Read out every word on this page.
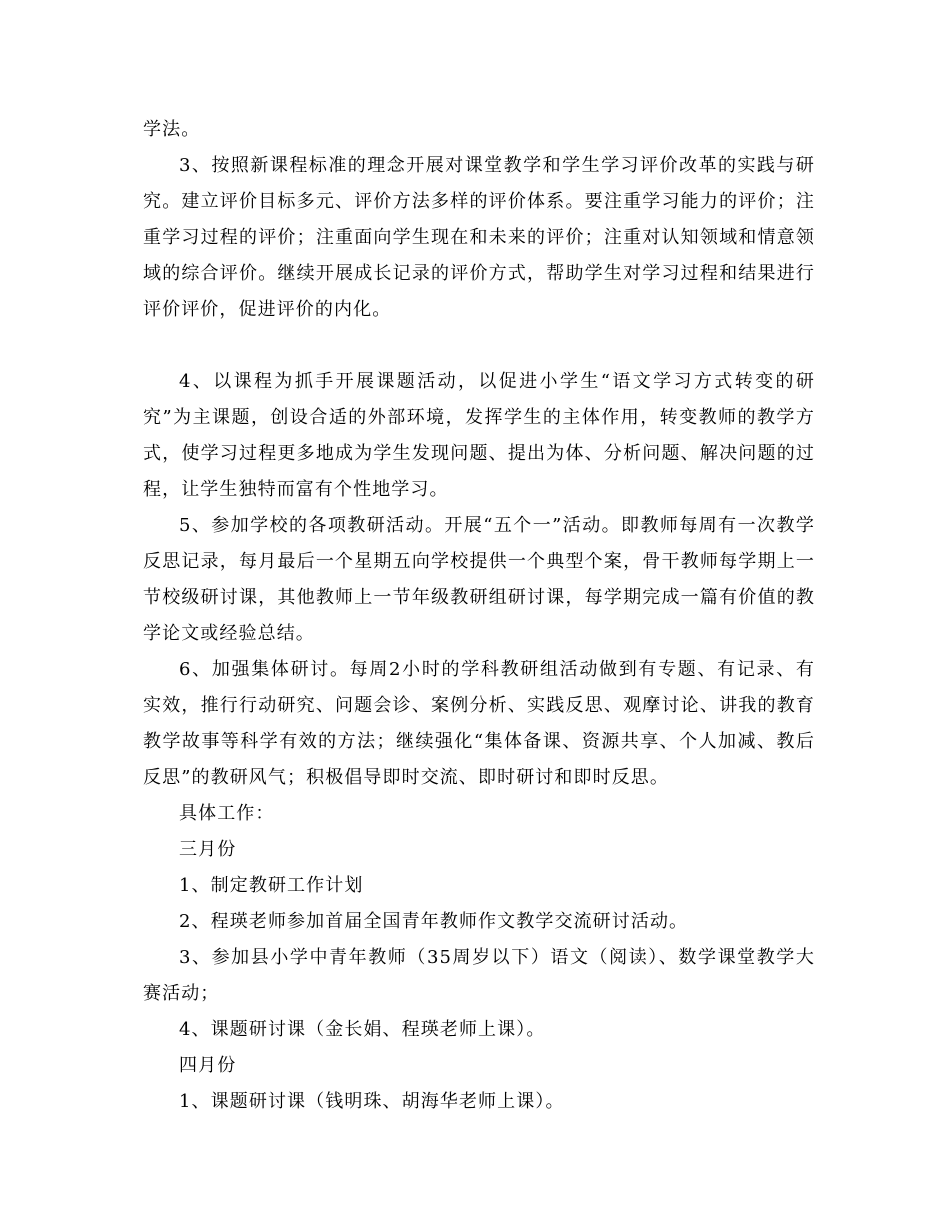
学法。

3、按照新课程标准的理念开展对课堂教学和学生学习评价改革的实践与研究。建立评价目标多元、评价方法多样的评价体系。要注重学习能力的评价；注重学习过程的评价；注重面向学生现在和未来的评价；注重对认知领域和情意领域的综合评价。继续开展成长记录的评价方式，帮助学生对学习过程和结果进行评价评价，促进评价的内化。

4、以课程为抓手开展课题活动，以促进小学生“语文学习方式转变的研究”为主课题，创设合适的外部环境，发挥学生的主体作用，转变教师的教学方式，使学习过程更多地成为学生发现问题、提出为体、分析问题、解决问题的过程，让学生独特而富有个性地学习。

5、参加学校的各项教研活动。开展“五个一”活动。即教师每周有一次教学反思记录，每月最后一个星期五向学校提供一个典型个案，骨干教师每学期上一节校级研讨课，其他教师上一节年级教研组研讨课，每学期完成一篇有价值的教学论文或经验总结。

6、加强集体研讨。每周2小时的学科教研组活动做到有专题、有记录、有实效，推行行动研究、问题会诊、案例分析、实践反思、观摩讨论、讲我的教育教学故事等科学有效的方法；继续强化“集体备课、资源共享、个人加减、教后反思”的教研风气；积极倡导即时交流、即时研讨和即时反思。

具体工作：

三月份

1、制定教研工作计划

2、程瑛老师参加首届全国青年教师作文教学交流研讨活动。

3、参加县小学中青年教师（35周岁以下）语文（阅读）、数学课堂教学大赛活动；

4、课题研讨课（金长娟、程瑛老师上课）。

四月份

1、课题研讨课（钱明珠、胡海华老师上课）。
